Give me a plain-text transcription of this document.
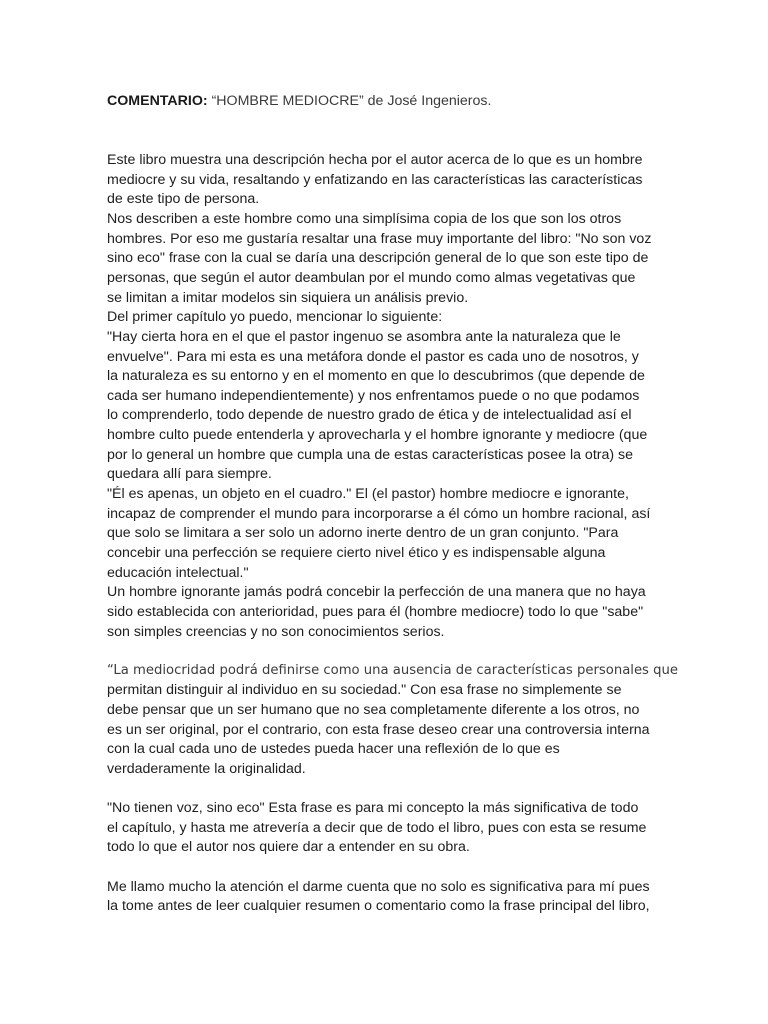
COMENTARIO: “HOMBRE MEDIOCRE” de José Ingenieros.
Este libro muestra una descripción hecha por el autor acerca de lo que es un hombre
mediocre y su vida, resaltando y enfatizando en las características las características
de este tipo de persona.
Nos describen a este hombre como una simplísima copia de los que son los otros
hombres. Por eso me gustaría resaltar una frase muy importante del libro: "No son voz
sino eco" frase con la cual se daría una descripción general de lo que son este tipo de
personas, que según el autor deambulan por el mundo como almas vegetativas que
se limitan a imitar modelos sin siquiera un análisis previo.
Del primer capítulo yo puedo, mencionar lo siguiente:
"Hay cierta hora en el que el pastor ingenuo se asombra ante la naturaleza que le
envuelve". Para mi esta es una metáfora donde el pastor es cada uno de nosotros, y
la naturaleza es su entorno y en el momento en que lo descubrimos (que depende de
cada ser humano independientemente) y nos enfrentamos puede o no que podamos
lo comprenderlo, todo depende de nuestro grado de ética y de intelectualidad así el
hombre culto puede entenderla y aprovecharla y el hombre ignorante y mediocre (que
por lo general un hombre que cumpla una de estas características posee la otra) se
quedara allí para siempre.
"Él es apenas, un objeto en el cuadro." El (el pastor) hombre mediocre e ignorante,
incapaz de comprender el mundo para incorporarse a él cómo un hombre racional, así
que solo se limitara a ser solo un adorno inerte dentro de un gran conjunto. "Para
concebir una perfección se requiere cierto nivel ético y es indispensable alguna
educación intelectual."
Un hombre ignorante jamás podrá concebir la perfección de una manera que no haya
sido establecida con anterioridad, pues para él (hombre mediocre) todo lo que "sabe"
son simples creencias y no son conocimientos serios.
“La mediocridad podrá definirse como una ausencia de características personales que
permitan distinguir al individuo en su sociedad." Con esa frase no simplemente se
debe pensar que un ser humano que no sea completamente diferente a los otros, no
es un ser original, por el contrario, con esta frase deseo crear una controversia interna
con la cual cada uno de ustedes pueda hacer una reflexión de lo que es
verdaderamente la originalidad.
"No tienen voz, sino eco" Esta frase es para mi concepto la más significativa de todo
el capítulo, y hasta me atrevería a decir que de todo el libro, pues con esta se resume
todo lo que el autor nos quiere dar a entender en su obra.
Me llamo mucho la atención el darme cuenta que no solo es significativa para mí pues
la tome antes de leer cualquier resumen o comentario como la frase principal del libro,
